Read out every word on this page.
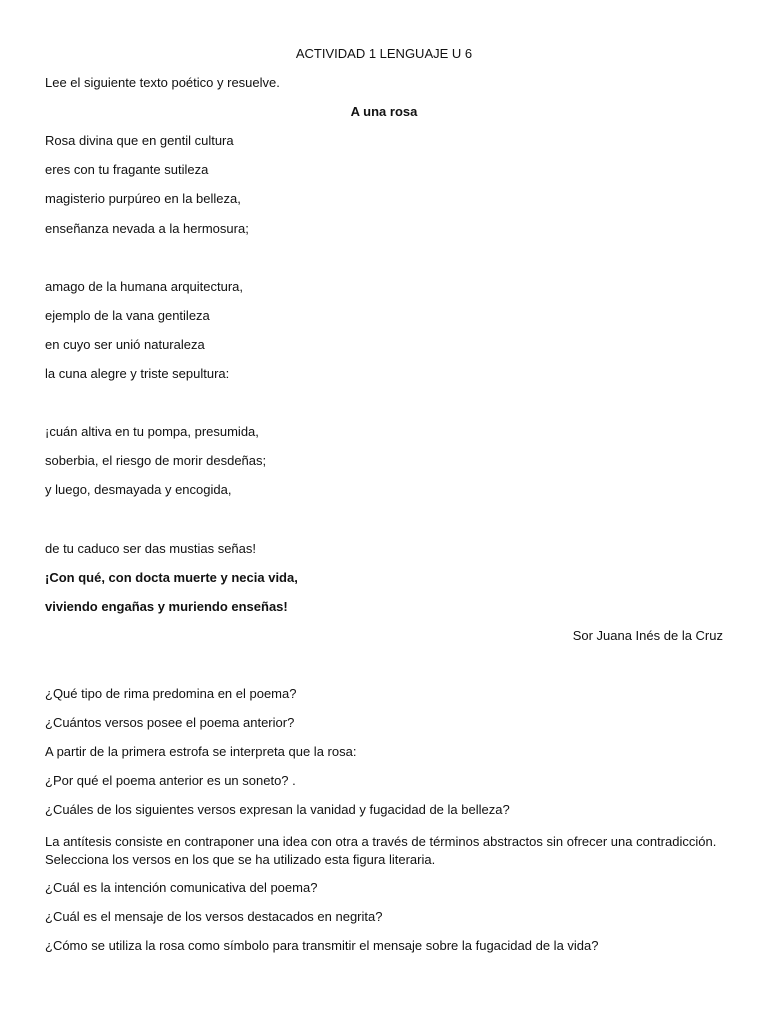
ACTIVIDAD 1 LENGUAJE U 6
Lee el siguiente texto poético y resuelve.
A una rosa
Rosa divina que en gentil cultura
eres con tu fragante sutileza
magisterio purpúreo en la belleza,
enseñanza nevada a la hermosura;
amago de la humana arquitectura,
ejemplo de la vana gentileza
en cuyo ser unió naturaleza
la cuna alegre y triste sepultura:
¡cuán altiva en tu pompa, presumida,
soberbia, el riesgo de morir desdeñas;
y luego, desmayada y encogida,
de tu caduco ser das mustias señas!
¡Con qué, con docta muerte y necia vida,
viviendo engañas y muriendo enseñas!
Sor Juana Inés de la Cruz
¿Qué tipo de rima predomina en el poema?
¿Cuántos versos posee el poema anterior?
A partir de la primera estrofa se interpreta que la rosa:
¿Por qué el poema anterior es un soneto? .
¿Cuáles de los siguientes versos expresan la vanidad y fugacidad de la belleza?
La antítesis consiste en contraponer una idea con otra a través de términos abstractos sin ofrecer una contradicción. Selecciona los versos en los que se ha utilizado esta figura literaria.
¿Cuál es la intención comunicativa del poema?
¿Cuál es el mensaje de los versos destacados en negrita?
¿Cómo se utiliza la rosa como símbolo para transmitir el mensaje sobre la fugacidad de la vida?
